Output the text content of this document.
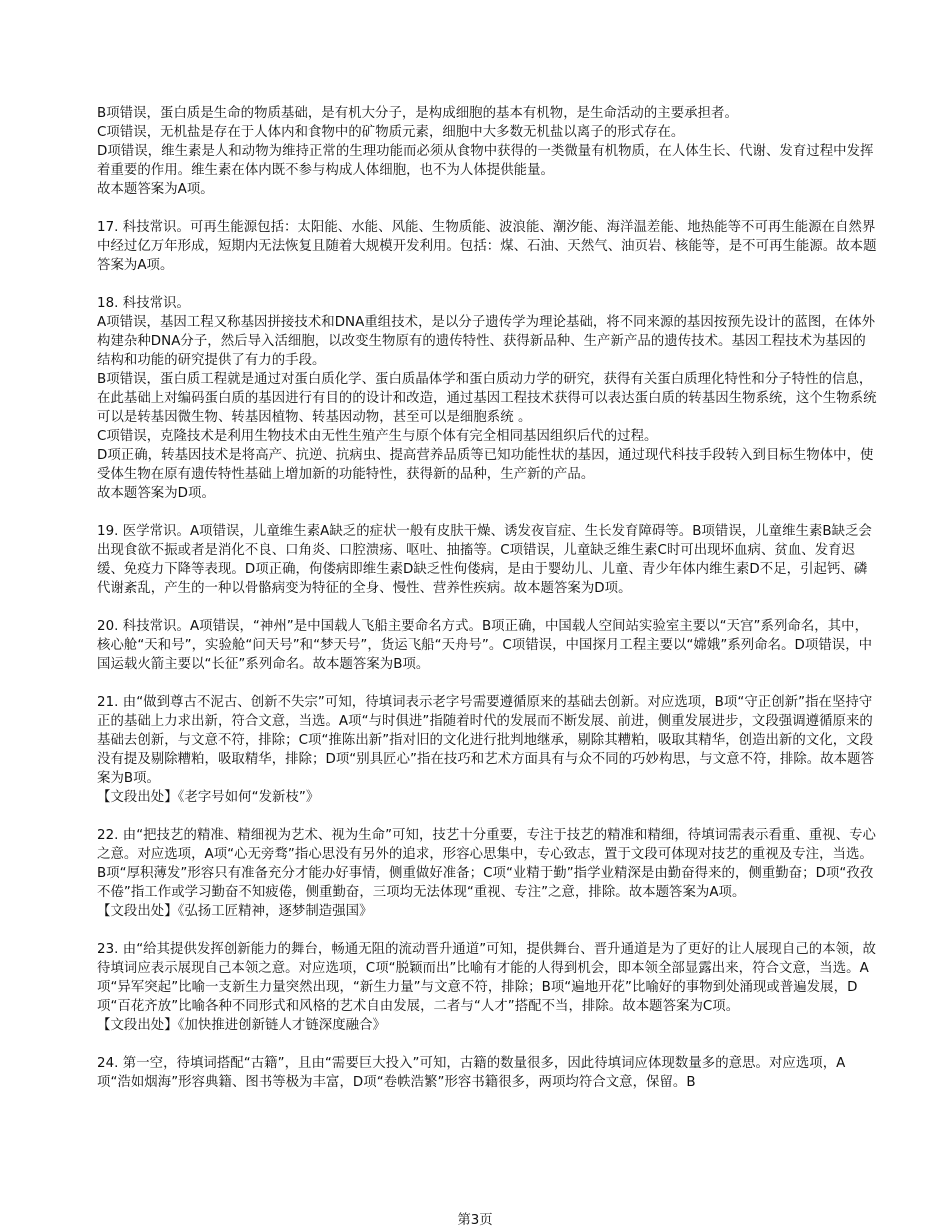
B项错误，蛋白质是生命的物质基础，是有机大分子，是构成细胞的基本有机物，是生命活动的主要承担者。

C项错误，无机盐是存在于人体内和食物中的矿物质元素，细胞中大多数无机盐以离子的形式存在。

D项错误，维生素是人和动物为维持正常的生理功能而必须从食物中获得的一类微量有机物质，在人体生长、代谢、发育过程中发挥着重要的作用。维生素在体内既不参与构成人体细胞，也不为人体提供能量。

故本题答案为A项。

17. 科技常识。可再生能源包括：太阳能、水能、风能、生物质能、波浪能、潮汐能、海洋温差能、地热能等不可再生能源在自然界中经过亿万年形成，短期内无法恢复且随着大规模开发利用。包括：煤、石油、天然气、油页岩、核能等，是不可再生能源。故本题答案为A项。

18. 科技常识。

A项错误，基因工程又称基因拼接技术和DNA重组技术，是以分子遗传学为理论基础，将不同来源的基因按预先设计的蓝图，在体外构建杂种DNA分子，然后导入活细胞，以改变生物原有的遗传特性、获得新品种、生产新产品的遗传技术。基因工程技术为基因的结构和功能的研究提供了有力的手段。

B项错误，蛋白质工程就是通过对蛋白质化学、蛋白质晶体学和蛋白质动力学的研究，获得有关蛋白质理化特性和分子特性的信息，在此基础上对编码蛋白质的基因进行有目的的设计和改造，通过基因工程技术获得可以表达蛋白质的转基因生物系统，这个生物系统可以是转基因微生物、转基因植物、转基因动物，甚至可以是细胞系统 。

C项错误，克隆技术是利用生物技术由无性生殖产生与原个体有完全相同基因组织后代的过程。

D项正确，转基因技术是将高产、抗逆、抗病虫、提高营养品质等已知功能性状的基因，通过现代科技手段转入到目标生物体中，使受体生物在原有遗传特性基础上增加新的功能特性，获得新的品种，生产新的产品。

故本题答案为D项。

19. 医学常识。A项错误，儿童维生素A缺乏的症状一般有皮肤干燥、诱发夜盲症、生长发育障碍等。B项错误，儿童维生素B缺乏会出现食欲不振或者是消化不良、口角炎、口腔溃疡、呕吐、抽搐等。C项错误，儿童缺乏维生素C时可出现坏血病、贫血、发育迟缓、免疫力下降等表现。D项正确，佝偻病即维生素D缺乏性佝偻病，是由于婴幼儿、儿童、青少年体内维生素D不足，引起钙、磷代谢紊乱，产生的一种以骨骼病变为特征的全身、慢性、营养性疾病。故本题答案为D项。

20. 科技常识。A项错误，“神州”是中国载人飞船主要命名方式。B项正确，中国载人空间站实验室主要以“天宫”系列命名，其中，核心舱“天和号”，实验舱“问天号”和“梦天号”，货运飞船“天舟号”。C项错误，中国探月工程主要以“嫦娥”系列命名。D项错误，中国运载火箭主要以“长征”系列命名。故本题答案为B项。

21. 由“做到尊古不泥古、创新不失宗”可知，待填词表示老字号需要遵循原来的基础去创新。对应选项，B项“守正创新”指在坚持守正的基础上力求出新，符合文意，当选。A项“与时俱进”指随着时代的发展而不断发展、前进，侧重发展进步，文段强调遵循原来的基础去创新，与文意不符，排除；C项“推陈出新”指对旧的文化进行批判地继承，剔除其糟粕，吸取其精华，创造出新的文化，文段没有提及剔除糟粕，吸取精华，排除；D项“别具匠心”指在技巧和艺术方面具有与众不同的巧妙构思，与文意不符，排除。故本题答案为B项。

【文段出处】《老字号如何“发新枝”》

22. 由“把技艺的精准、精细视为艺术、视为生命”可知，技艺十分重要，专注于技艺的精准和精细，待填词需表示看重、重视、专心之意。对应选项，A项“心无旁骛”指心思没有另外的追求，形容心思集中，专心致志，置于文段可体现对技艺的重视及专注，当选。B项“厚积薄发”形容只有准备充分才能办好事情，侧重做好准备；C项“业精于勤”指学业精深是由勤奋得来的，侧重勤奋；D项“孜孜不倦”指工作或学习勤奋不知疲倦，侧重勤奋，三项均无法体现“重视、专注”之意，排除。故本题答案为A项。

【文段出处】《弘扬工匠精神，逐梦制造强国》

23. 由“给其提供发挥创新能力的舞台，畅通无阻的流动晋升通道”可知，提供舞台、晋升通道是为了更好的让人展现自己的本领，故待填词应表示展现自己本领之意。对应选项，C项“脱颖而出”比喻有才能的人得到机会，即本领全部显露出来，符合文意，当选。A项“异军突起”比喻一支新生力量突然出现，“新生力量”与文意不符，排除；B项“遍地开花”比喻好的事物到处涌现或普遍发展，D项“百花齐放”比喻各种不同形式和风格的艺术自由发展，二者与“人才”搭配不当，排除。故本题答案为C项。

【文段出处】《加快推进创新链人才链深度融合》

24. 第一空，待填词搭配“古籍”，且由“需要巨大投入”可知，古籍的数量很多，因此待填词应体现数量多的意思。对应选项，A项“浩如烟海”形容典籍、图书等极为丰富，D项“卷帙浩繁”形容书籍很多，两项均符合文意，保留。B

第3页
